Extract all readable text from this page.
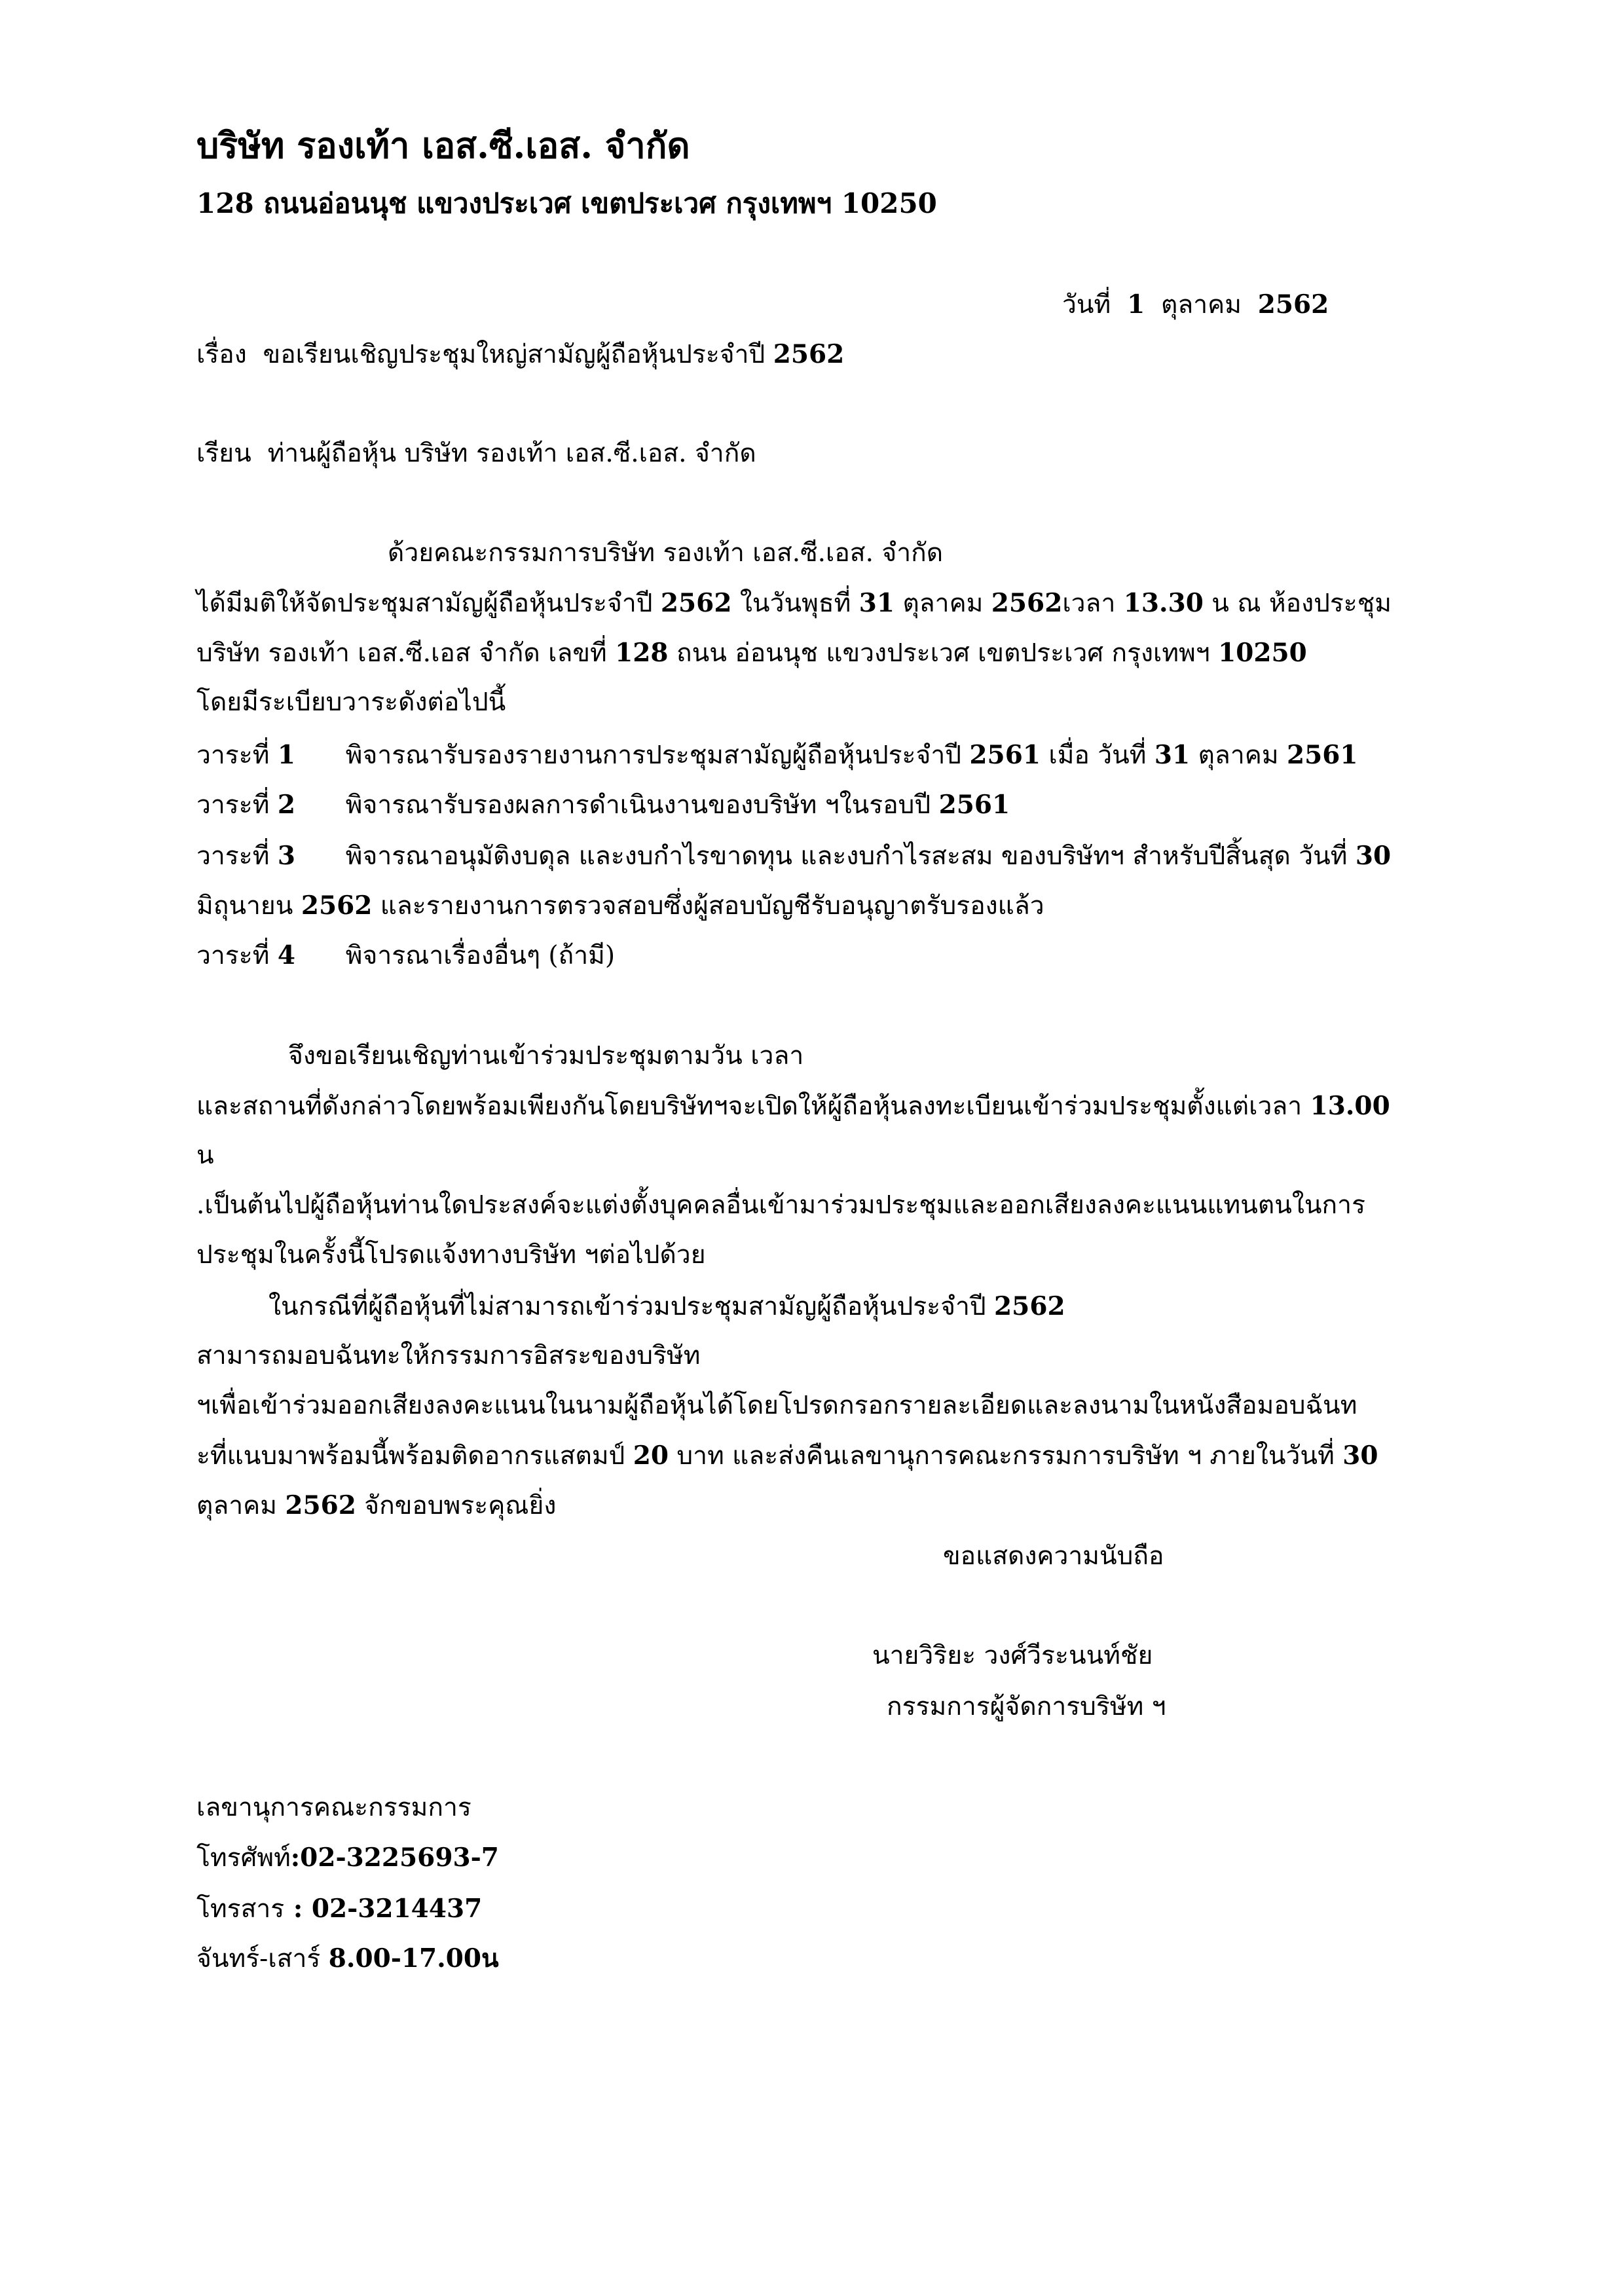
บริษัท รองเท้า เอส.ซี.เอส. จำกัด
128 ถนนอ่อนนุช แขวงประเวศ เขตประเวศ กรุงเทพฯ 10250
วันที่ 1 ตุลาคม 2562
เรื่อง ขอเรียนเชิญประชุมใหญ่สามัญผู้ถือหุ้นประจำปี 2562
เรียน ท่านผู้ถือหุ้น บริษัท รองเท้า เอส.ซี.เอส. จำกัด
ด้วยคณะกรรมการบริษัท รองเท้า เอส.ซี.เอส. จำกัด
ได้มีมติให้จัดประชุมสามัญผู้ถือหุ้นประจำปี 2562 ในวันพุธที่ 31 ตุลาคม 2562เวลา 13.30 น ณ ห้องประชุม
บริษัท รองเท้า เอส.ซี.เอส จำกัด เลขที่ 128 ถนน อ่อนนุช แขวงประเวศ เขตประเวศ กรุงเทพฯ 10250
โดยมีระเบียบวาระดังต่อไปนี้
วาระที่ 1 พิจารณารับรองรายงานการประชุมสามัญผู้ถือหุ้นประจำปี 2561 เมื่อ วันที่ 31 ตุลาคม 2561
วาระที่ 2 พิจารณารับรองผลการดำเนินงานของบริษัท ฯในรอบปี 2561
วาระที่ 3 พิจารณาอนุมัติงบดุล และงบกำไรขาดทุน และงบกำไรสะสม ของบริษัทฯ สำหรับปีสิ้นสุด วันที่ 30
มิถุนายน 2562 และรายงานการตรวจสอบซึ่งผู้สอบบัญชีรับอนุญาตรับรองแล้ว
วาระที่ 4 พิจารณาเรื่องอื่นๆ (ถ้ามี)
จึงขอเรียนเชิญท่านเข้าร่วมประชุมตามวัน เวลา
และสถานที่ดังกล่าวโดยพร้อมเพียงกันโดยบริษัทฯจะเปิดให้ผู้ถือหุ้นลงทะเบียนเข้าร่วมประชุมตั้งแต่เวลา 13.00
น
.เป็นต้นไปผู้ถือหุ้นท่านใดประสงค์จะแต่งตั้งบุคคลอื่นเข้ามาร่วมประชุมและออกเสียงลงคะแนนแทนตนในการ
ประชุมในครั้งนี้โปรดแจ้งทางบริษัท ฯต่อไปด้วย
ในกรณีที่ผู้ถือหุ้นที่ไม่สามารถเข้าร่วมประชุมสามัญผู้ถือหุ้นประจำปี 2562
สามารถมอบฉันทะให้กรรมการอิสระของบริษัท
ฯเพื่อเข้าร่วมออกเสียงลงคะแนนในนามผู้ถือหุ้นได้โดยโปรดกรอกรายละเอียดและลงนามในหนังสือมอบฉันท
ะที่แนบมาพร้อมนี้พร้อมติดอากรแสตมป์ 20 บาท และส่งคืนเลขานุการคณะกรรมการบริษัท ฯ ภายในวันที่ 30
ตุลาคม 2562 จักขอบพระคุณยิ่ง
ขอแสดงความนับถือ
นายวิริยะ วงศ์วีระนนท์ชัย
กรรมการผู้จัดการบริษัท ฯ
เลขานุการคณะกรรมการ
โทรศัพท์:02-3225693-7
โทรสาร : 02-3214437
จันทร์-เสาร์ 8.00-17.00น
